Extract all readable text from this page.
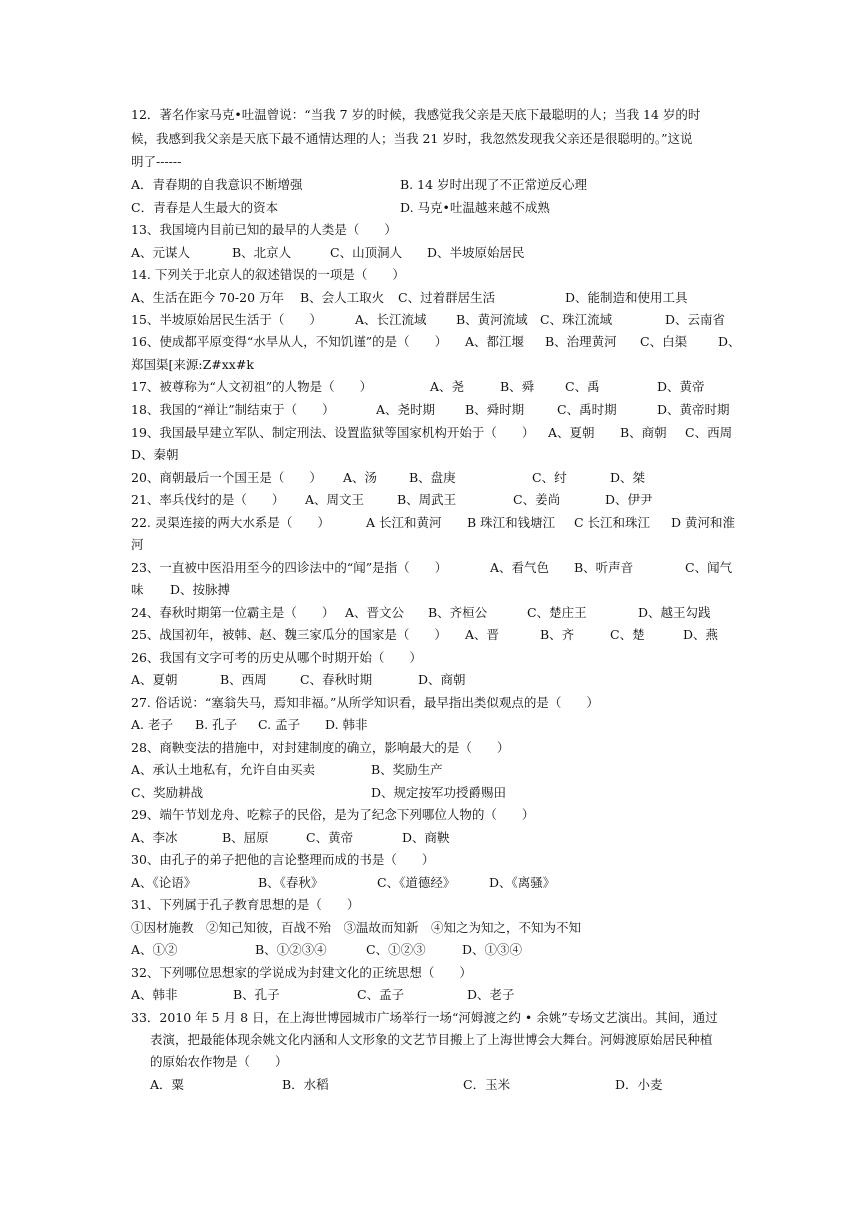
12．著名作家马克•吐温曾说：“当我 7 岁的时候，我感觉我父亲是天底下最聪明的人；当我 14 岁的时
候，我感到我父亲是天底下最不通情达理的人；当我 21 岁时，我忽然发现我父亲还是很聪明的。”这说
明了------
A．青春期的自我意识不断增强	B. 14 岁时出现了不正常逆反心理
C．青春是人生最大的资本	D. 马克•吐温越来越不成熟
13、我国境内目前已知的最早的人类是（　　）
A、元谋人	B、北京人	C、山顶洞人 D、半坡原始居民
14. 下列关于北京人的叙述错误的一项是（　　）
A、生活在距今 70-20 万年 B、会人工取火 C、过着群居生活	D、能制造和使用工具
15、半坡原始居民生活于（　　）	A、长江流域 B、黄河流域 C、珠江流域	D、云南省
16、使成都平原变得“水旱从人，不知饥谨”的是（　　） A、都江堰 B、治理黄河 C、白渠 D、
郑国渠[来源:Z#xx#k
17、被尊称为“人文初祖”的人物是（　　）	A、尧	B、舜 C、禹	D、黄帝
18、我国的“禅让”制结束于（　　）	A、尧时期 B、舜时期	C、禹时期	D、黄帝时期
19、我国最早建立军队、制定刑法、设置监狱等国家机构开始于（　　） A、夏朝 B、商朝 C、西周
D、秦朝
20、商朝最后一个国王是（　　） A、汤	B、盘庚	C、纣	D、桀
21、率兵伐纣的是（　　） A、周文王	B、周武王	C、姜尚	D、伊尹
22. 灵渠连接的两大水系是（　　）	A 长江和黄河 B 珠江和钱塘江 C 长江和珠江 D 黄河和淮
河
23、一直被中医沿用至今的四诊法中的“闻”是指（　　）	A、看气色 B、听声音	C、闻气
味 D、按脉搏
24、春秋时期第一位霸主是（　　） A、晋文公 B、齐桓公	C、楚庄王	D、越王勾践
25、战国初年，被韩、赵、魏三家瓜分的国家是（　　） A、晋	B、齐	C、楚	D、燕
26、我国有文字可考的历史从哪个时期开始（　　）
A、夏朝	B、西周	C、春秋时期	D、商朝
27. 俗话说：“塞翁失马，焉知非福。”从所学知识看，最早指出类似观点的是（　　）
A. 老子 B. 孔子 C. 孟子 D. 韩非
28、商鞅变法的措施中，对封建制度的确立，影响最大的是（　　）
A、承认土地私有，允许自由买卖	B、奖励生产
C、奖励耕战	D、规定按军功授爵赐田
29、端午节划龙舟、吃粽子的民俗，是为了纪念下列哪位人物的（　　）
A、李冰	B、屈原	C、黄帝	D、商鞅
30、由孔子的弟子把他的言论整理而成的书是（　　）
A、《论语》	B、《春秋》	C、《道德经》	D、《离骚》
31、下列属于孔子教育思想的是（　　）
①因材施教　②知己知彼，百战不殆　③温故而知新　④知之为知之，不知为不知
A、①②	B、①②③④	C、①②③	D、①③④
32、下列哪位思想家的学说成为封建文化的正统思想（　　）
A、韩非	B、孔子	C、孟子	D、老子
33．2010 年 5 月 8 日，在上海世博园城市广场举行一场“河姆渡之约 • 余姚”专场文艺演出。其间，通过
表演，把最能体现余姚文化内涵和人文形象的文艺节目搬上了上海世博会大舞台。河姆渡原始居民种植
的原始农作物是（　　）
A．粟	B．水稻	C．玉米	D．小麦
